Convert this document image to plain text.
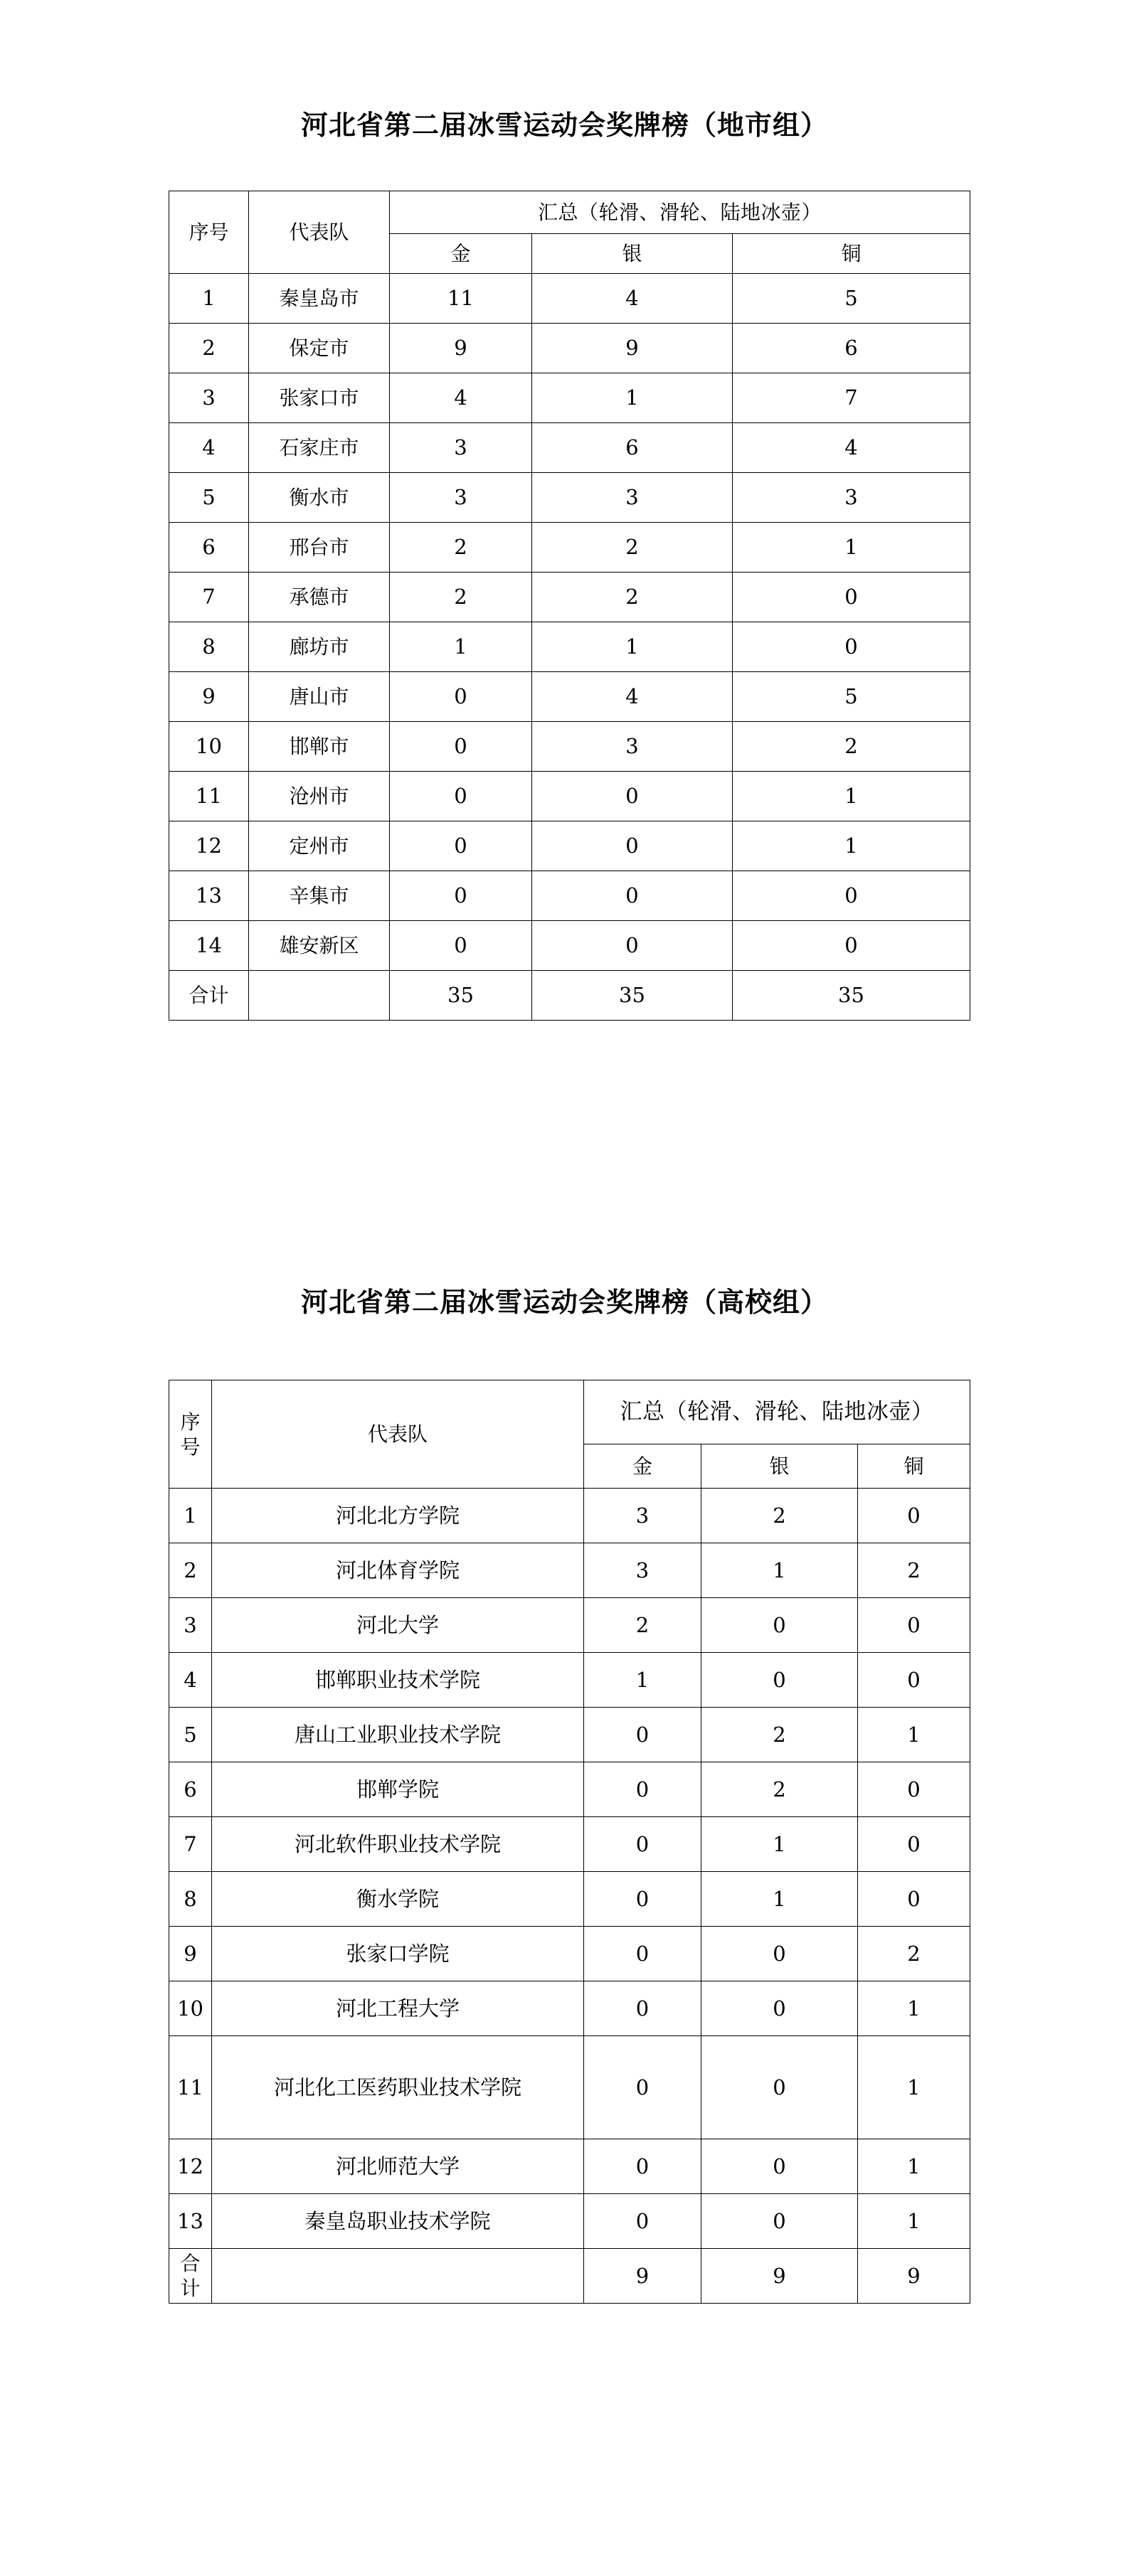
河北省第二届冰雪运动会奖牌榜（地市组）
序号	代表队	汇总（轮滑、滑轮、陆地冰壶）		
		金	银	铜
1	秦皇岛市	11	4	5
2	保定市	9	9	6
3	张家口市	4	1	7
4	石家庄市	3	6	4
5	衡水市	3	3	3
6	邢台市	2	2	1
7	承德市	2	2	0
8	廊坊市	1	1	0
9	唐山市	0	4	5
10	邯郸市	0	3	2
11	沧州市	0	0	1
12	定州市	0	0	1
13	辛集市	0	0	0
14	雄安新区	0	0	0
合计		35	35	35
河北省第二届冰雪运动会奖牌榜（高校组）
序号	代表队	汇总（轮滑、滑轮、陆地冰壶）		
		金	银	铜
1	河北北方学院	3	2	0
2	河北体育学院	3	1	2
3	河北大学	2	0	0
4	邯郸职业技术学院	1	0	0
5	唐山工业职业技术学院	0	2	1
6	邯郸学院	0	2	0
7	河北软件职业技术学院	0	1	0
8	衡水学院	0	1	0
9	张家口学院	0	0	2
10	河北工程大学	0	0	1
11	河北化工医药职业技术学院	0	0	1
12	河北师范大学	0	0	1
13	秦皇岛职业技术学院	0	0	1
合计		9	9	9
